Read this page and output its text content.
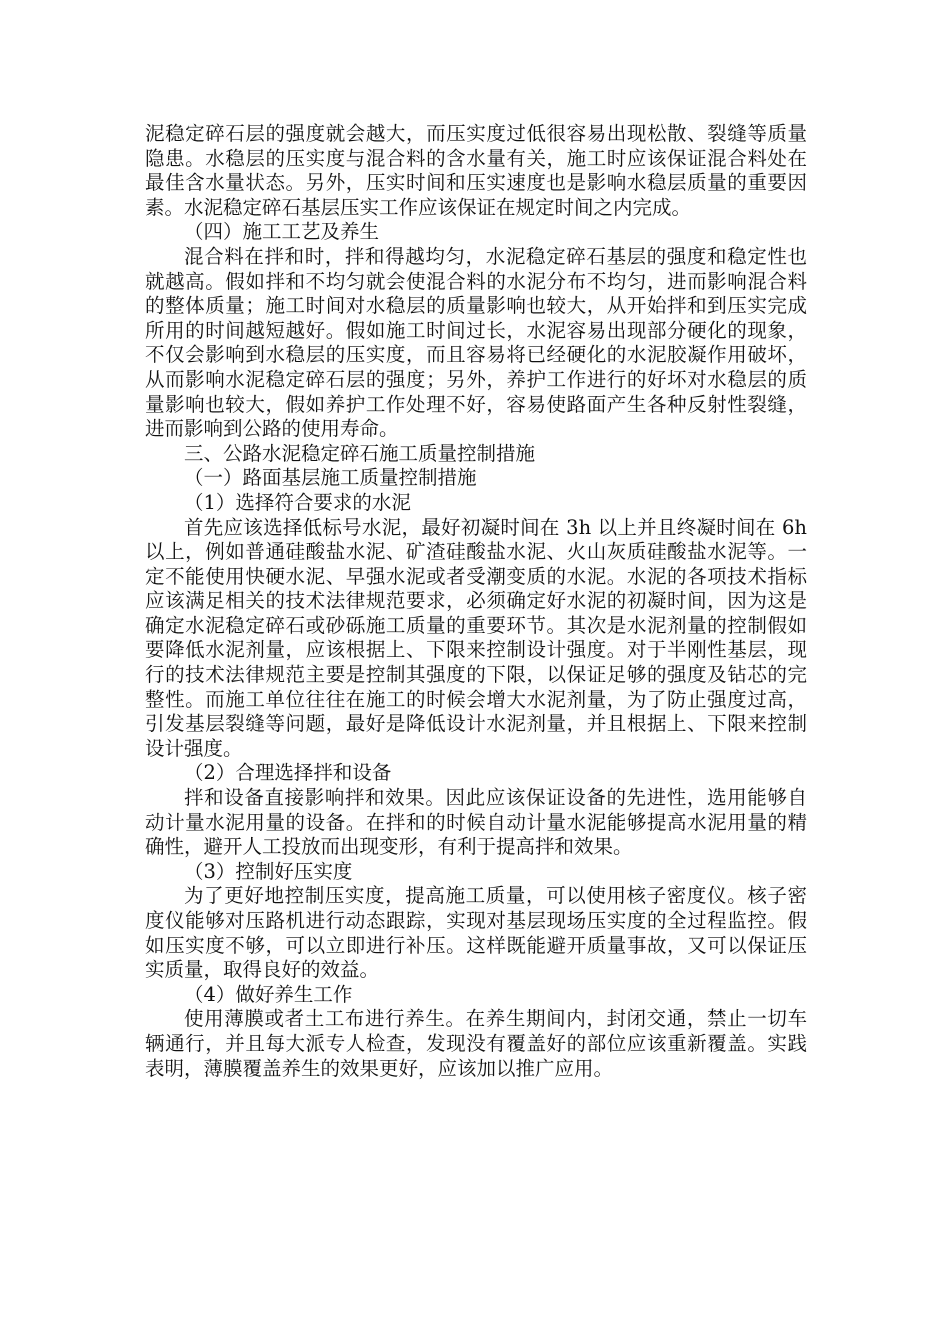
泥稳定碎石层的强度就会越大，而压实度过低很容易出现松散、裂缝等质量隐患。水稳层的压实度与混合料的含水量有关，施工时应该保证混合料处在最佳含水量状态。另外，压实时间和压实速度也是影响水稳层质量的重要因素。水泥稳定碎石基层压实工作应该保证在规定时间之内完成。

（四）施工工艺及养生

混合料在拌和时，拌和得越均匀，水泥稳定碎石基层的强度和稳定性也就越高。假如拌和不均匀就会使混合料的水泥分布不均匀，进而影响混合料的整体质量；施工时间对水稳层的质量影响也较大，从开始拌和到压实完成所用的时间越短越好。假如施工时间过长，水泥容易出现部分硬化的现象，不仅会影响到水稳层的压实度，而且容易将已经硬化的水泥胶凝作用破坏，从而影响水泥稳定碎石层的强度；另外，养护工作进行的好坏对水稳层的质量影响也较大，假如养护工作处理不好，容易使路面产生各种反射性裂缝，进而影响到公路的使用寿命。

三、公路水泥稳定碎石施工质量控制措施

（一）路面基层施工质量控制措施

（1）选择符合要求的水泥

首先应该选择低标号水泥，最好初凝时间在 3h 以上并且终凝时间在 6h 以上，例如普通硅酸盐水泥、矿渣硅酸盐水泥、火山灰质硅酸盐水泥等。一定不能使用快硬水泥、早强水泥或者受潮变质的水泥。水泥的各项技术指标应该满足相关的技术法律规范要求，必须确定好水泥的初凝时间，因为这是确定水泥稳定碎石或砂砾施工质量的重要环节。其次是水泥剂量的控制假如要降低水泥剂量，应该根据上、下限来控制设计强度。对于半刚性基层，现行的技术法律规范主要是控制其强度的下限，以保证足够的强度及钻芯的完整性。而施工单位往往在施工的时候会增大水泥剂量，为了防止强度过高，引发基层裂缝等问题，最好是降低设计水泥剂量，并且根据上、下限来控制设计强度。

（2）合理选择拌和设备

拌和设备直接影响拌和效果。因此应该保证设备的先进性，选用能够自动计量水泥用量的设备。在拌和的时候自动计量水泥能够提高水泥用量的精确性，避开人工投放而出现变形，有利于提高拌和效果。

（3）控制好压实度

为了更好地控制压实度，提高施工质量，可以使用核子密度仪。核子密度仪能够对压路机进行动态跟踪，实现对基层现场压实度的全过程监控。假如压实度不够，可以立即进行补压。这样既能避开质量事故，又可以保证压实质量，取得良好的效益。

（4）做好养生工作

使用薄膜或者土工布进行养生。在养生期间内，封闭交通，禁止一切车辆通行，并且每大派专人检查，发现没有覆盖好的部位应该重新覆盖。实践表明，薄膜覆盖养生的效果更好，应该加以推广应用。
